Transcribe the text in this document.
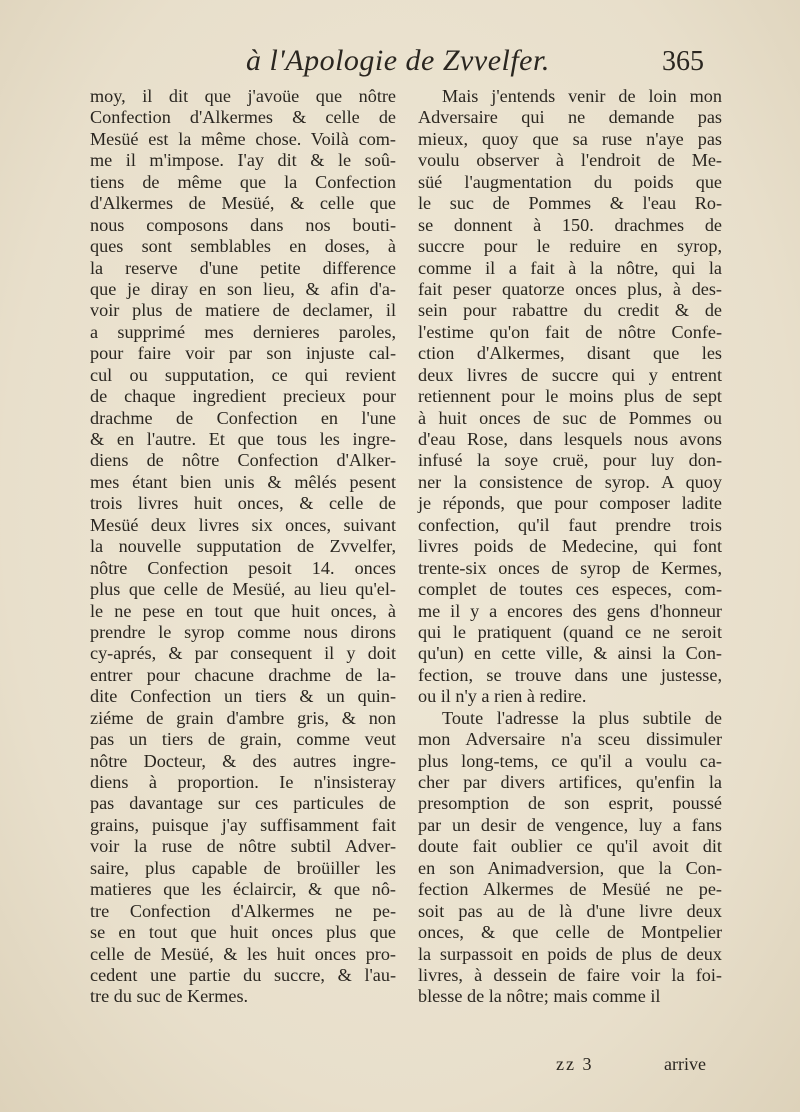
à l'Apologie de Zvvelfer.	365
moy, il dit que j'avoüe que nôtre
Confection d'Alkermes & celle de
Mesüé est la même chose. Voilà com-
me il m'impose. I'ay dit & le soû-
tiens de même que la Confection
d'Alkermes de Mesüé, & celle que
nous composons dans nos bouti-
ques sont semblables en doses, à
la reserve d'une petite difference
que je diray en son lieu, & afin d'a-
voir plus de matiere de declamer, il
a supprimé mes dernieres paroles,
pour faire voir par son injuste cal-
cul ou supputation, ce qui revient
de chaque ingredient precieux pour
drachme de Confection en l'une
& en l'autre. Et que tous les ingre-
diens de nôtre Confection d'Alker-
mes étant bien unis & mêlés pesent
trois livres huit onces, & celle de
Mesüé deux livres six onces, suivant
la nouvelle supputation de Zvvelfer,
nôtre Confection pesoit 14. onces
plus que celle de Mesüé, au lieu qu'el-
le ne pese en tout que huit onces, à
prendre le syrop comme nous dirons
cy-aprés, & par consequent il y doit
entrer pour chacune drachme de la-
dite Confection un tiers & un quin-
ziéme de grain d'ambre gris, & non
pas un tiers de grain, comme veut
nôtre Docteur, & des autres ingre-
diens à proportion. Ie n'insisteray
pas davantage sur ces particules de
grains, puisque j'ay suffisamment fait
voir la ruse de nôtre subtil Adver-
saire, plus capable de broüiller les
matieres que les éclaircir, & que nô-
tre Confection d'Alkermes ne pe-
se en tout que huit onces plus que
celle de Mesüé, & les huit onces pro-
cedent une partie du succre, & l'au-
tre du suc de Kermes.
Mais j'entends venir de loin mon
Adversaire qui ne demande pas
mieux, quoy que sa ruse n'aye pas
voulu observer à l'endroit de Me-
süé l'augmentation du poids que
le suc de Pommes & l'eau Ro-
se donnent à 150. drachmes de
succre pour le reduire en syrop,
comme il a fait à la nôtre, qui la
fait peser quatorze onces plus, à des-
sein pour rabattre du credit & de
l'estime qu'on fait de nôtre Confe-
ction d'Alkermes, disant que les
deux livres de succre qui y entrent
retiennent pour le moins plus de sept
à huit onces de suc de Pommes ou
d'eau Rose, dans lesquels nous avons
infusé la soye cruë, pour luy don-
ner la consistence de syrop. A quoy
je réponds, que pour composer ladite
confection, qu'il faut prendre trois
livres poids de Medecine, qui font
trente-six onces de syrop de Kermes,
complet de toutes ces especes, com-
me il y a encores des gens d'honneur
qui le pratiquent (quand ce ne seroit
qu'un) en cette ville, & ainsi la Con-
fection, se trouve dans une justesse,
ou il n'y a rien à redire.
Toute l'adresse la plus subtile de
mon Adversaire n'a sceu dissimuler
plus long-tems, ce qu'il a voulu ca-
cher par divers artifices, qu'enfin la
presomption de son esprit, poussé
par un desir de vengence, luy a fans
doute fait oublier ce qu'il avoit dit
en son Animadversion, que la Con-
fection Alkermes de Mesüé ne pe-
soit pas au de là d'une livre deux
onces, & que celle de Montpelier
la surpassoit en poids de plus de deux
livres, à dessein de faire voir la foi-
blesse de la nôtre; mais comme il
zz 3	arrive
